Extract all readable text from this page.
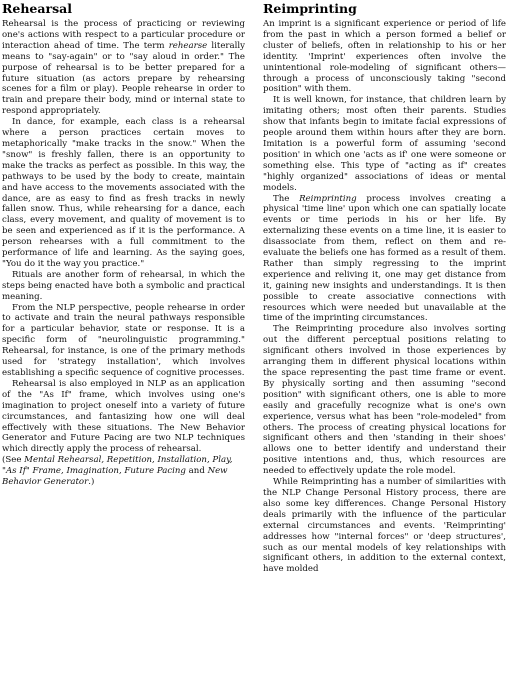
Rehearsal

Rehearsal is the process of practicing or reviewing one's actions with respect to a particular procedure or interaction ahead of time. The term rehearse literally means to "say-again" or to "say aloud in order." The purpose of rehearsal is to be better prepared for a future situation (as actors prepare by rehearsing scenes for a film or play). People rehearse in order to train and prepare their body, mind or internal state to respond appropriately.

In dance, for example, each class is a rehearsal where a person practices certain moves to metaphorically "make tracks in the snow." When the "snow" is freshly fallen, there is an opportunity to make the tracks as perfect as possible. In this way, the pathways to be used by the body to create, maintain and have access to the movements associated with the dance, are as easy to find as fresh tracks in newly fallen snow. Thus, while rehearsing for a dance, each class, every movement, and quality of movement is to be seen and experienced as if it is the performance. A person rehearses with a full commitment to the performance of life and learning. As the saying goes, "You do it the way you practice."

Rituals are another form of rehearsal, in which the steps being enacted have both a symbolic and practical meaning.

From the NLP perspective, people rehearse in order to activate and train the neural pathways responsible for a particular behavior, state or response. It is a specific form of "neurolinguistic programming." Rehearsal, for instance, is one of the primary methods used for 'strategy installation', which involves establishing a specific sequence of cognitive processes.

Rehearsal is also employed in NLP as an application of the "As If" frame, which involves using one's imagination to project oneself into a variety of future circumstances, and fantasizing how one will deal effectively with these situations. The New Behavior Generator and Future Pacing are two NLP techniques which directly apply the process of rehearsal.

(See Mental Rehearsal, Repetition, Installation, Play, "As If" Frame, Imagination, Future Pacing and New Behavior Generator.)

Reimprinting

An imprint is a significant experience or period of life from the past in which a person formed a belief or cluster of beliefs, often in relationship to his or her identity. 'Imprint' experiences often involve the unintentional role-modeling of significant others—through a process of unconsciously taking "second position" with them.

It is well known, for instance, that children learn by imitating others; most often their parents. Studies show that infants begin to imitate facial expressions of people around them within hours after they are born. Imitation is a powerful form of assuming 'second position' in which one 'acts as if' one were someone or something else. This type of "acting as if" creates "highly organized" associations of ideas or mental models.

The Reimprinting process involves creating a physical 'time line' upon which one can spatially locate events or time periods in his or her life. By externalizing these events on a time line, it is easier to disassociate from them, reflect on them and re-evaluate the beliefs one has formed as a result of them. Rather than simply regressing to the imprint experience and reliving it, one may get distance from it, gaining new insights and understandings. It is then possible to create associative connections with resources which were needed but unavailable at the time of the imprinting circumstances.

The Reimprinting procedure also involves sorting out the different perceptual positions relating to significant others involved in those experiences by arranging them in different physical locations within the space representing the past time frame or event. By physically sorting and then assuming "second position" with significant others, one is able to more easily and gracefully recognize what is one's own experience, versus what has been "role-modeled" from others. The process of creating physical locations for significant others and then 'standing in their shoes' allows one to better identify and understand their positive intentions and, thus, which resources are needed to effectively update the role model.

While Reimprinting has a number of similarities with the NLP Change Personal History process, there are also some key differences. Change Personal History deals primarily with the influence of the particular external circumstances and events. 'Reimprinting' addresses how "internal forces" or 'deep structures', such as our mental models of key relationships with significant others, in addition to the external context, have molded
